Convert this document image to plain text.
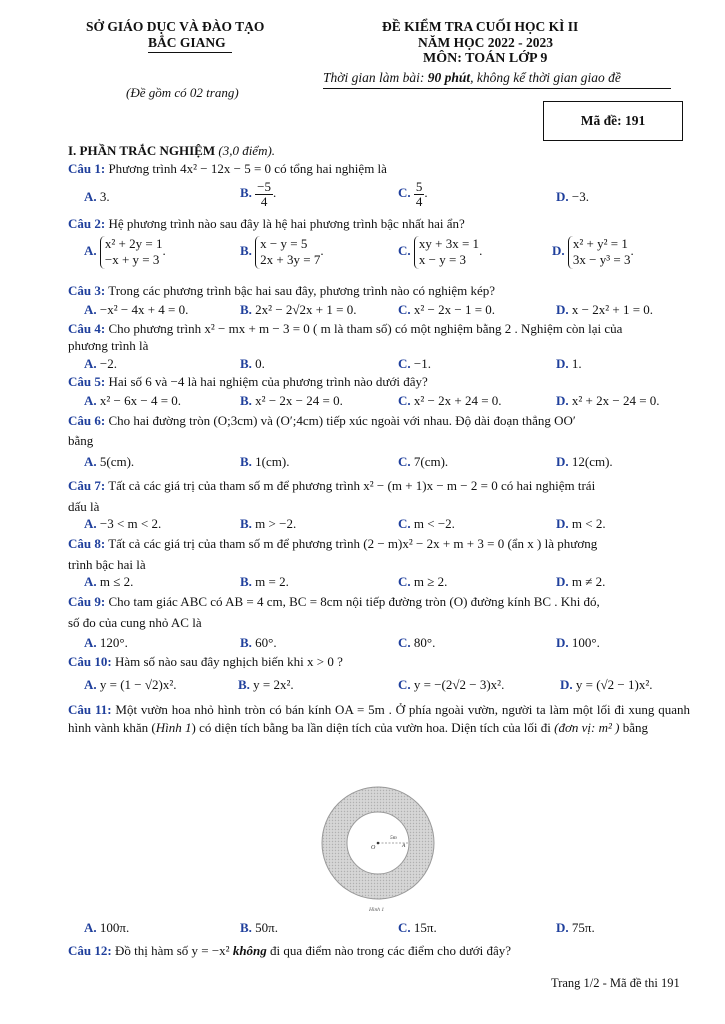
SỞ GIÁO DỤC VÀ ĐÀO TẠO
BẮC GIANG
(Đề gồm có 02 trang)
ĐỀ KIỂM TRA CUỐI HỌC KÌ II
NĂM HỌC 2022 - 2023
MÔN: TOÁN LỚP 9
Thời gian làm bài: 90 phút, không kể thời gian giao đề
Mã đề: 191
I. PHẦN TRẮC NGHIỆM (3,0 điểm).
Câu 1: Phương trình 4x² − 12x − 5 = 0 có tổng hai nghiệm là
A. 3.	B. $\frac{-5}{4}$ .	C. $\frac{5}{4}$ .	D. −3.
Câu 2: Hệ phương trình nào sau đây là hệ hai phương trình bậc nhất hai ẩn?
A. x² + 2y = 1
−x + y = 3
.	B. x − y = 5
2x + 3y = 7
.	C. xy + 3x = 1
x − y = 3
.	D. x² + y² = 1
3x − y³ = 3
.
Câu 3: Trong các phương trình bậc hai sau đây, phương trình nào có nghiệm kép?
A. −x² − 4x + 4 = 0.	B. 2x² − 2√2x + 1 = 0.	C. x² − 2x − 1 = 0.	D. x − 2x² + 1 = 0.
Câu 4: Cho phương trình x² − mx + m − 3 = 0 ( m là tham số) có một nghiệm bằng 2 . Nghiệm còn lại của
phương trình là
A. −2.	B. 0.	C. −1.	D. 1.
Câu 5: Hai số 6 và −4 là hai nghiệm của phương trình nào dưới đây?
A. x² − 6x − 4 = 0.	B. x² − 2x − 24 = 0.	C. x² − 2x + 24 = 0.	D. x² + 2x − 24 = 0.
Câu 6: Cho hai đường tròn (O;3cm) và (O′;4cm) tiếp xúc ngoài với nhau. Độ dài đoạn thẳng OO′
bằng
A. 5(cm).	B. 1(cm).	C. 7(cm).	D. 12(cm).
Câu 7: Tất cả các giá trị của tham số m để phương trình x² − (m + 1)x − m − 2 = 0 có hai nghiệm trái
dấu là
A. −3 < m < 2.	B. m > −2.	C. m < −2.	D. m < 2.
Câu 8: Tất cả các giá trị của tham số m để phương trình (2 − m)x² − 2x + m + 3 = 0 (ẩn x ) là phương
trình bậc hai là
A. m ≤ 2.	B. m = 2.	C. m ≥ 2.	D. m ≠ 2.
Câu 9: Cho tam giác ABC có AB = 4 cm, BC = 8cm nội tiếp đường tròn (O) đường kính BC . Khi đó,
số đo của cung nhỏ AC là
A. 120°.	B. 60°.	C. 80°.	D. 100°.
Câu 10: Hàm số nào sau đây nghịch biến khi x > 0 ?
A. y = (1 − √2)x².	B. y = 2x².	C. y = −(2√2 − 3)x².	D. y = (√2 − 1)x².
Câu 11: Một vườn hoa nhỏ hình tròn có bán kính OA = 5m . Ở phía ngoài vườn, người ta làm một lối đi xung quanh hình vành khăn (Hình 1) có diện tích bằng ba lần diện tích của vườn hoa. Diện tích của lối đi (đơn vị: m² ) bằng
O	A
5m
Hình 1
A. 100π.	B. 50π.	C. 15π.	D. 75π.
Câu 12: Đồ thị hàm số y = −x² không đi qua điểm nào trong các điểm cho dưới đây?
Trang 1/2 - Mã đề thi 191
